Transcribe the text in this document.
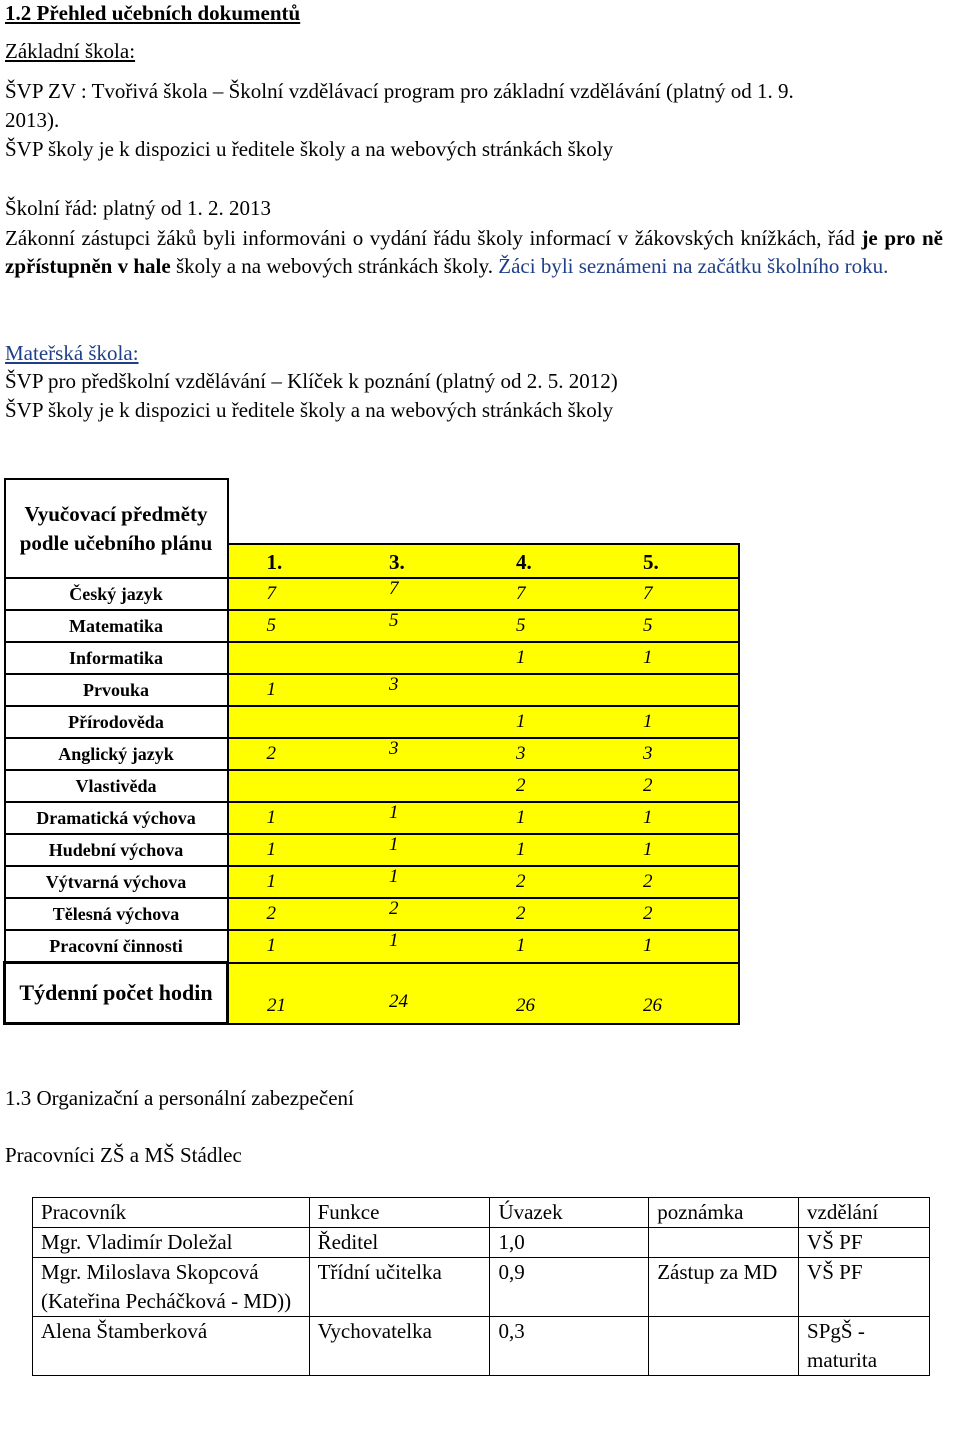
1.2 Přehled učebních dokumentů
Základní škola:
ŠVP ZV : Tvořivá škola – Školní vzdělávací program pro základní vzdělávání (platný od 1. 9.
2013).
ŠVP školy je k dispozici u ředitele školy a na webových stránkách školy
Školní řád: platný od 1. 2. 2013
Zákonní zástupci žáků byli informováni o vydání řádu školy informací v žákovských knížkách, řád je pro ně zpřístupněn v hale školy a na webových stránkách školy. Žáci byli seznámeni na začátku školního roku.
Mateřská škola:
ŠVP pro předškolní vzdělávání – Klíček k poznání (platný od 2. 5. 2012)
ŠVP školy je k dispozici u ředitele školy a na webových stránkách školy
Vyučovací předměty podle učebního plánu				
	1.	3.	4.	5.
Český jazyk	7	7	7	7
Matematika	5	5	5	5
Informatika			1	1
Prvouka	1	3		
Přírodověda			1	1
Anglický jazyk	2	3	3	3
Vlastivěda			2	2
Dramatická výchova	1	1	1	1
Hudební výchova	1	1	1	1
Výtvarná výchova	1	1	2	2
Tělesná výchova	2	2	2	2
Pracovní činnosti	1	1	1	1
Týdenní počet hodin	21	24	26	26
1.3 Organizační a personální zabezpečení
Pracovníci ZŠ a MŠ Stádlec
Pracovník	Funkce	Úvazek	poznámka	vzdělání
Mgr. Vladimír Doležal	Ředitel	1,0		VŠ PF
Mgr. Miloslava Skopcová (Kateřina Pecháčková - MD))	Třídní učitelka	0,9	Zástup za MD	VŠ PF
Alena Štamberková	Vychovatelka	0,3		SPgŠ - maturita
